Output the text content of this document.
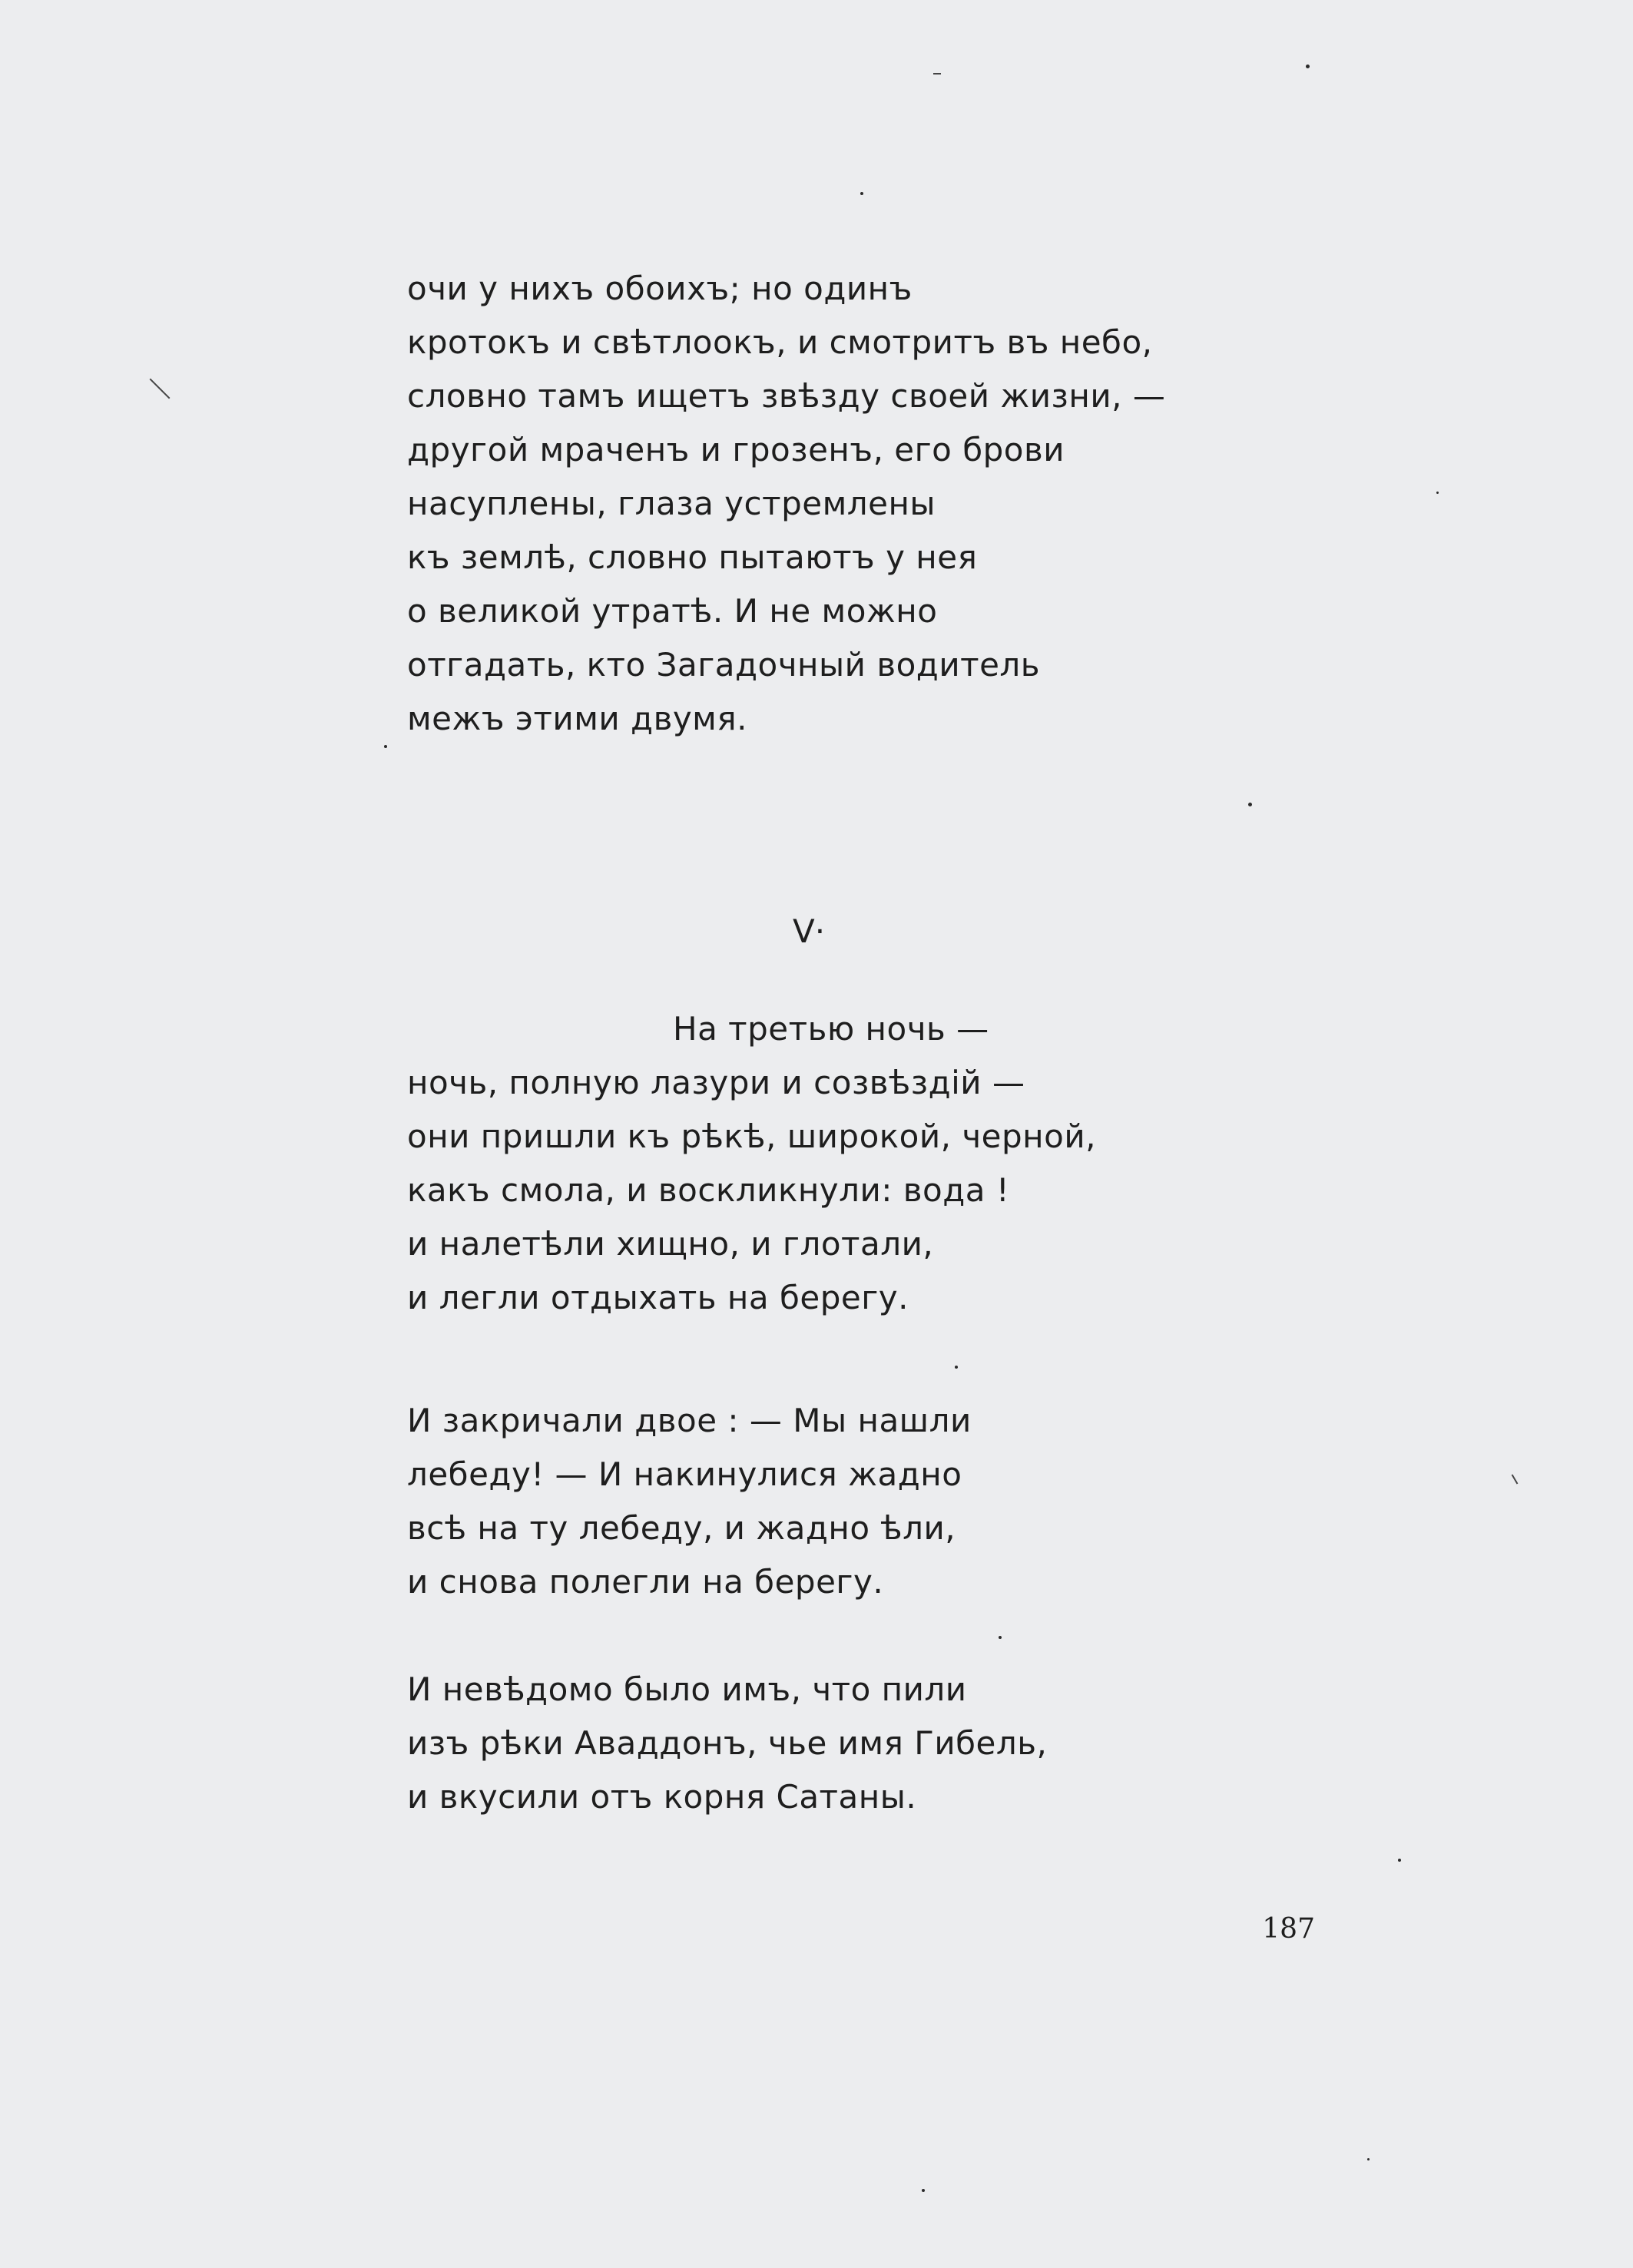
очи у нихъ обоихъ; но одинъ
кротокъ и свѣтлоокъ, и смотритъ въ небо,
словно тамъ ищетъ звѣзду своей жизни, —
другой мраченъ и грозенъ, его брови
насуплены, глаза устремлены
къ землѣ, словно пытаютъ у нея
о великой утратѣ. И не можно
отгадать, кто Загадочный водитель
межъ этими двумя.
V·
На третью ночь —
ночь, полную лазури и созвѣздій —
они пришли къ рѣкѣ, широкой, черной,
какъ смола, и воскликнули: вода !
и налетѣли хищно, и глотали,
и легли отдыхать на берегу.
И закричали двое : — Мы нашли
лебеду! — И накинулися жадно
всѣ на ту лебеду, и жадно ѣли,
и снова полегли на берегу.
И невѣдомо было имъ, что пили
изъ рѣки Аваддонъ, чье имя Гибель,
и вкусили отъ корня Сатаны.
187
